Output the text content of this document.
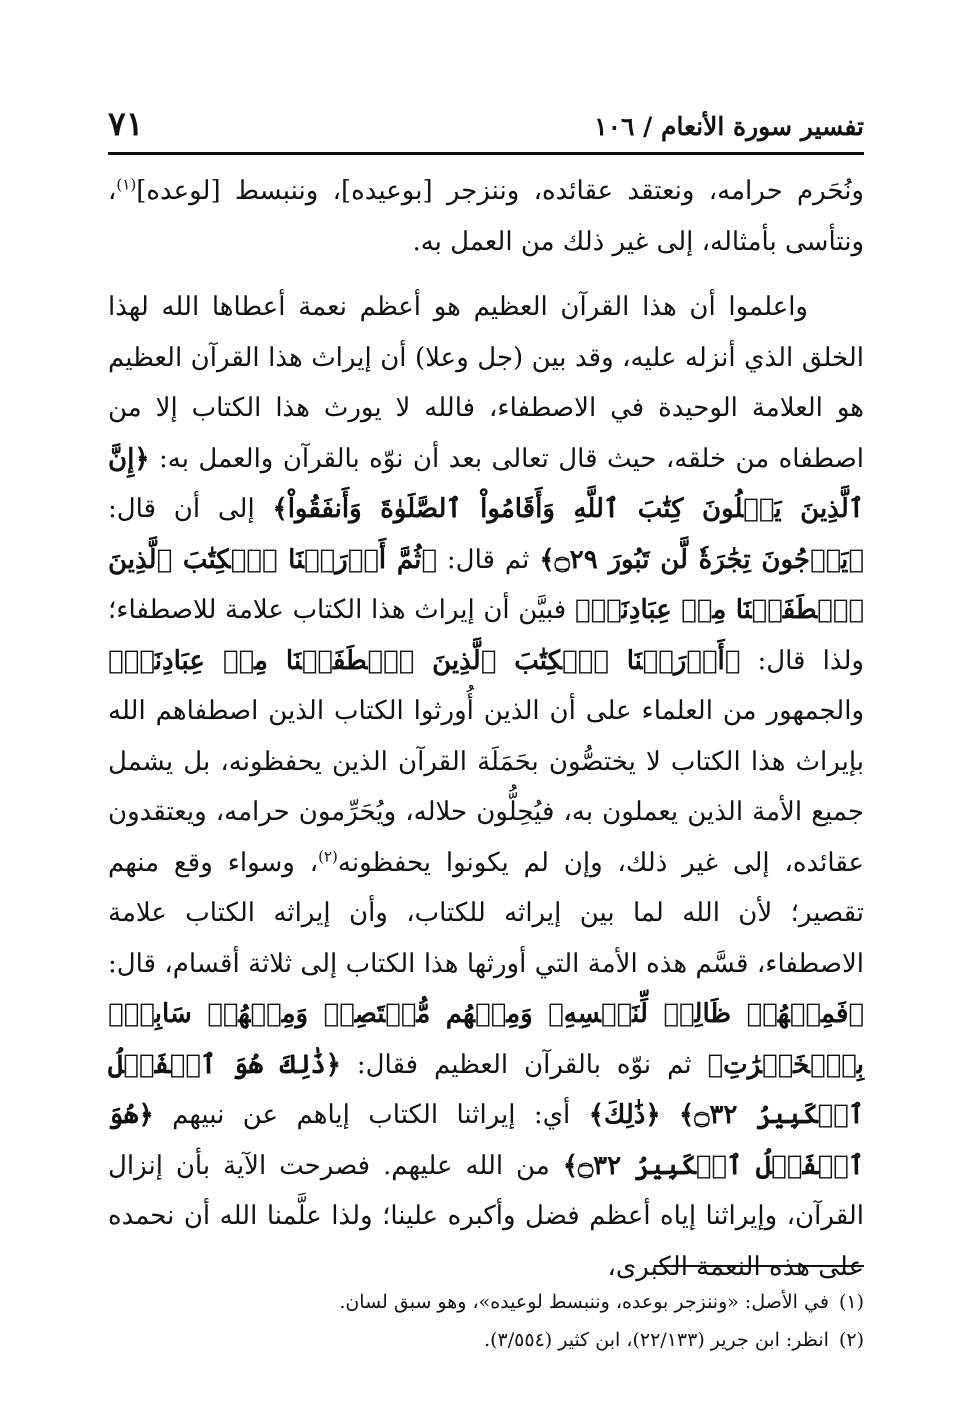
تفسير سورة الأنعام / ١٠٦
٧١

ونُحَرم حرامه، ونعتقد عقائده، وننزجر [بوعيده]، وننبسط [لوعده]$^{(١)}$، ونتأسى بأمثاله، إلى غير ذلك من العمل به.

واعلموا أن هذا القرآن العظيم هو أعظم نعمة أعطاها الله لهذا الخلق الذي أنزله عليه، وقد بين (جل وعلا) أن إيراث هذا القرآن العظيم هو العلامة الوحيدة في الاصطفاء، فالله لا يورث هذا الكتاب إلا من اصطفاه من خلقه، حيث قال تعالى بعد أن نوّه بالقرآن والعمل به: ﴿إِنَّ ٱلَّذِينَ يَتۡلُونَ كِتَٰبَ ٱللَّهِ وَأَقَامُواْ ٱلصَّلَوٰةَ وَأَنفَقُواْ﴾ إلى أن قال: ﴿يَرۡجُونَ تِجَٰرَةٗ لَّن تَبُورَ ۝٢٩﴾ ثم قال: ﴿ثُمَّ أَوۡرَثۡنَا ٱلۡكِتَٰبَ ٱلَّذِينَ ٱصۡطَفَيۡنَا مِنۡ عِبَادِنَاۖ﴾ فبيَّن أن إيراث هذا الكتاب علامة للاصطفاء؛ ولذا قال: ﴿أَوۡرَثۡنَا ٱلۡكِتَٰبَ ٱلَّذِينَ ٱصۡطَفَيۡنَا مِنۡ عِبَادِنَاۖ﴾ والجمهور من العلماء على أن الذين أُورثوا الكتاب الذين اصطفاهم الله بإيراث هذا الكتاب لا يختصُّون بحَمَلَة القرآن الذين يحفظونه، بل يشمل جميع الأمة الذين يعملون به، فيُحِلُّون حلاله، ويُحَرِّمون حرامه، ويعتقدون عقائده، إلى غير ذلك، وإن لم يكونوا يحفظونه$^{(٢)}$، وسواء وقع منهم تقصير؛ لأن الله لما بين إيراثه للكتاب، وأن إيراثه الكتاب علامة الاصطفاء، قسَّم هذه الأمة التي أورثها هذا الكتاب إلى ثلاثة أقسام، قال: ﴿فَمِنۡهُمۡ ظَالِمٞ لِّنَفۡسِهِۦ وَمِنۡهُم مُّقۡتَصِدٞ وَمِنۡهُمۡ سَابِقُۢ بِٱلۡخَيۡرَٰتِ﴾ ثم نوّه بالقرآن العظيم فقال: ﴿ذَٰلِكَ هُوَ ٱلۡفَضۡلُ ٱلۡكَبِيرُ ۝٣٢﴾ ﴿ذَٰلِكَ﴾ أي: إيراثنا الكتاب إياهم عن نبيهم ﴿هُوَ ٱلۡفَضۡلُ ٱلۡكَبِيرُ ۝٣٢﴾ من الله عليهم. فصرحت الآية بأن إنزال القرآن، وإيراثنا إياه أعظم فضل وأكبره علينا؛ ولذا علَّمنا الله أن نحمده على هذه النعمة الكبرى،

(١)في الأصل: «وننزجر بوعده، وننبسط لوعيده»، وهو سبق لسان.

(٢)انظر: ابن جرير (٢٢/١٣٣)، ابن كثير (٣/٥٥٤).
